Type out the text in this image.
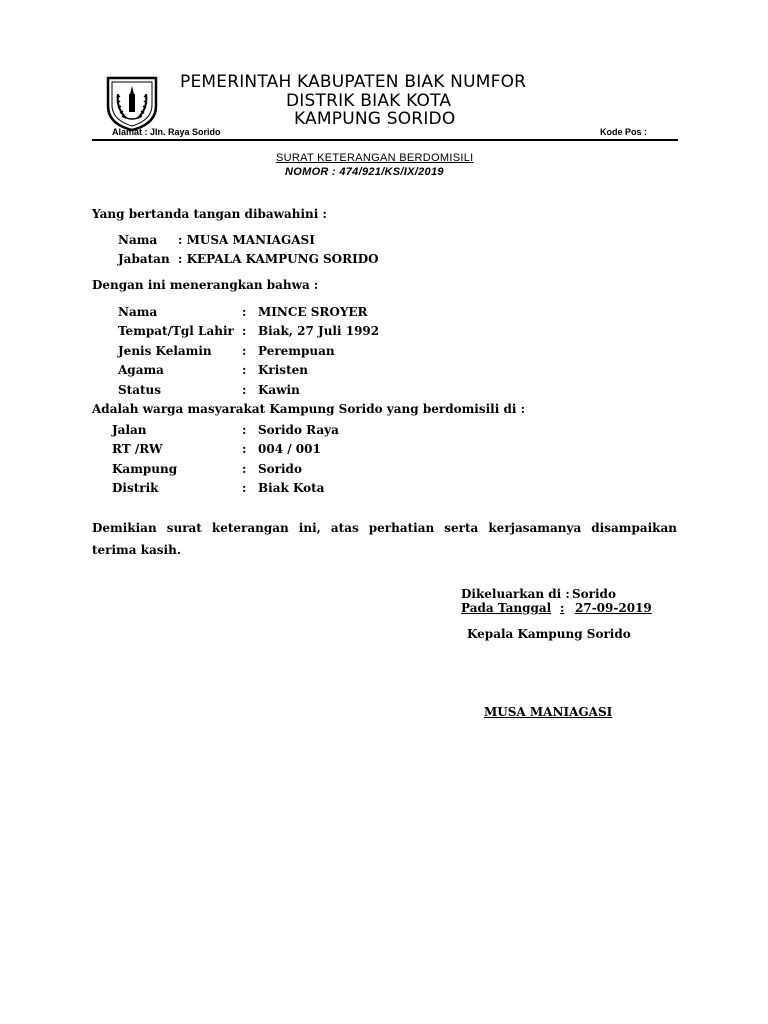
PEMERINTAH KABUPATEN BIAK NUMFOR
DISTRIK BIAK KOTA
KAMPUNG SORIDO
Alamat : Jln. Raya Sorido	Kode Pos :
SURAT KETERANGAN BERDOMISILI
NOMOR : 474/921/KS/IX/2019
Yang bertanda tangan dibawahini :
Nama : MUSA MANIAGASI
Jabatan : KEPALA KAMPUNG SORIDO
Dengan ini menerangkan bahwa :
Nama	: MINCE SROYER
Tempat/Tgl Lahir : Biak, 27 Juli 1992
Jenis Kelamin	: Perempuan
Agama	: Kristen
Status	: Kawin
Adalah warga masyarakat Kampung Sorido yang berdomisili di :
Jalan	: Sorido Raya
RT /RW	: 004 / 001
Kampung	: Sorido
Distrik	: Biak Kota
Demikian surat keterangan ini, atas perhatian serta kerjasamanya disampaikan terima kasih.
Dikeluarkan di : Sorido
Pada Tanggal : 27-09-2019
Kepala Kampung Sorido
MUSA MANIAGASI
